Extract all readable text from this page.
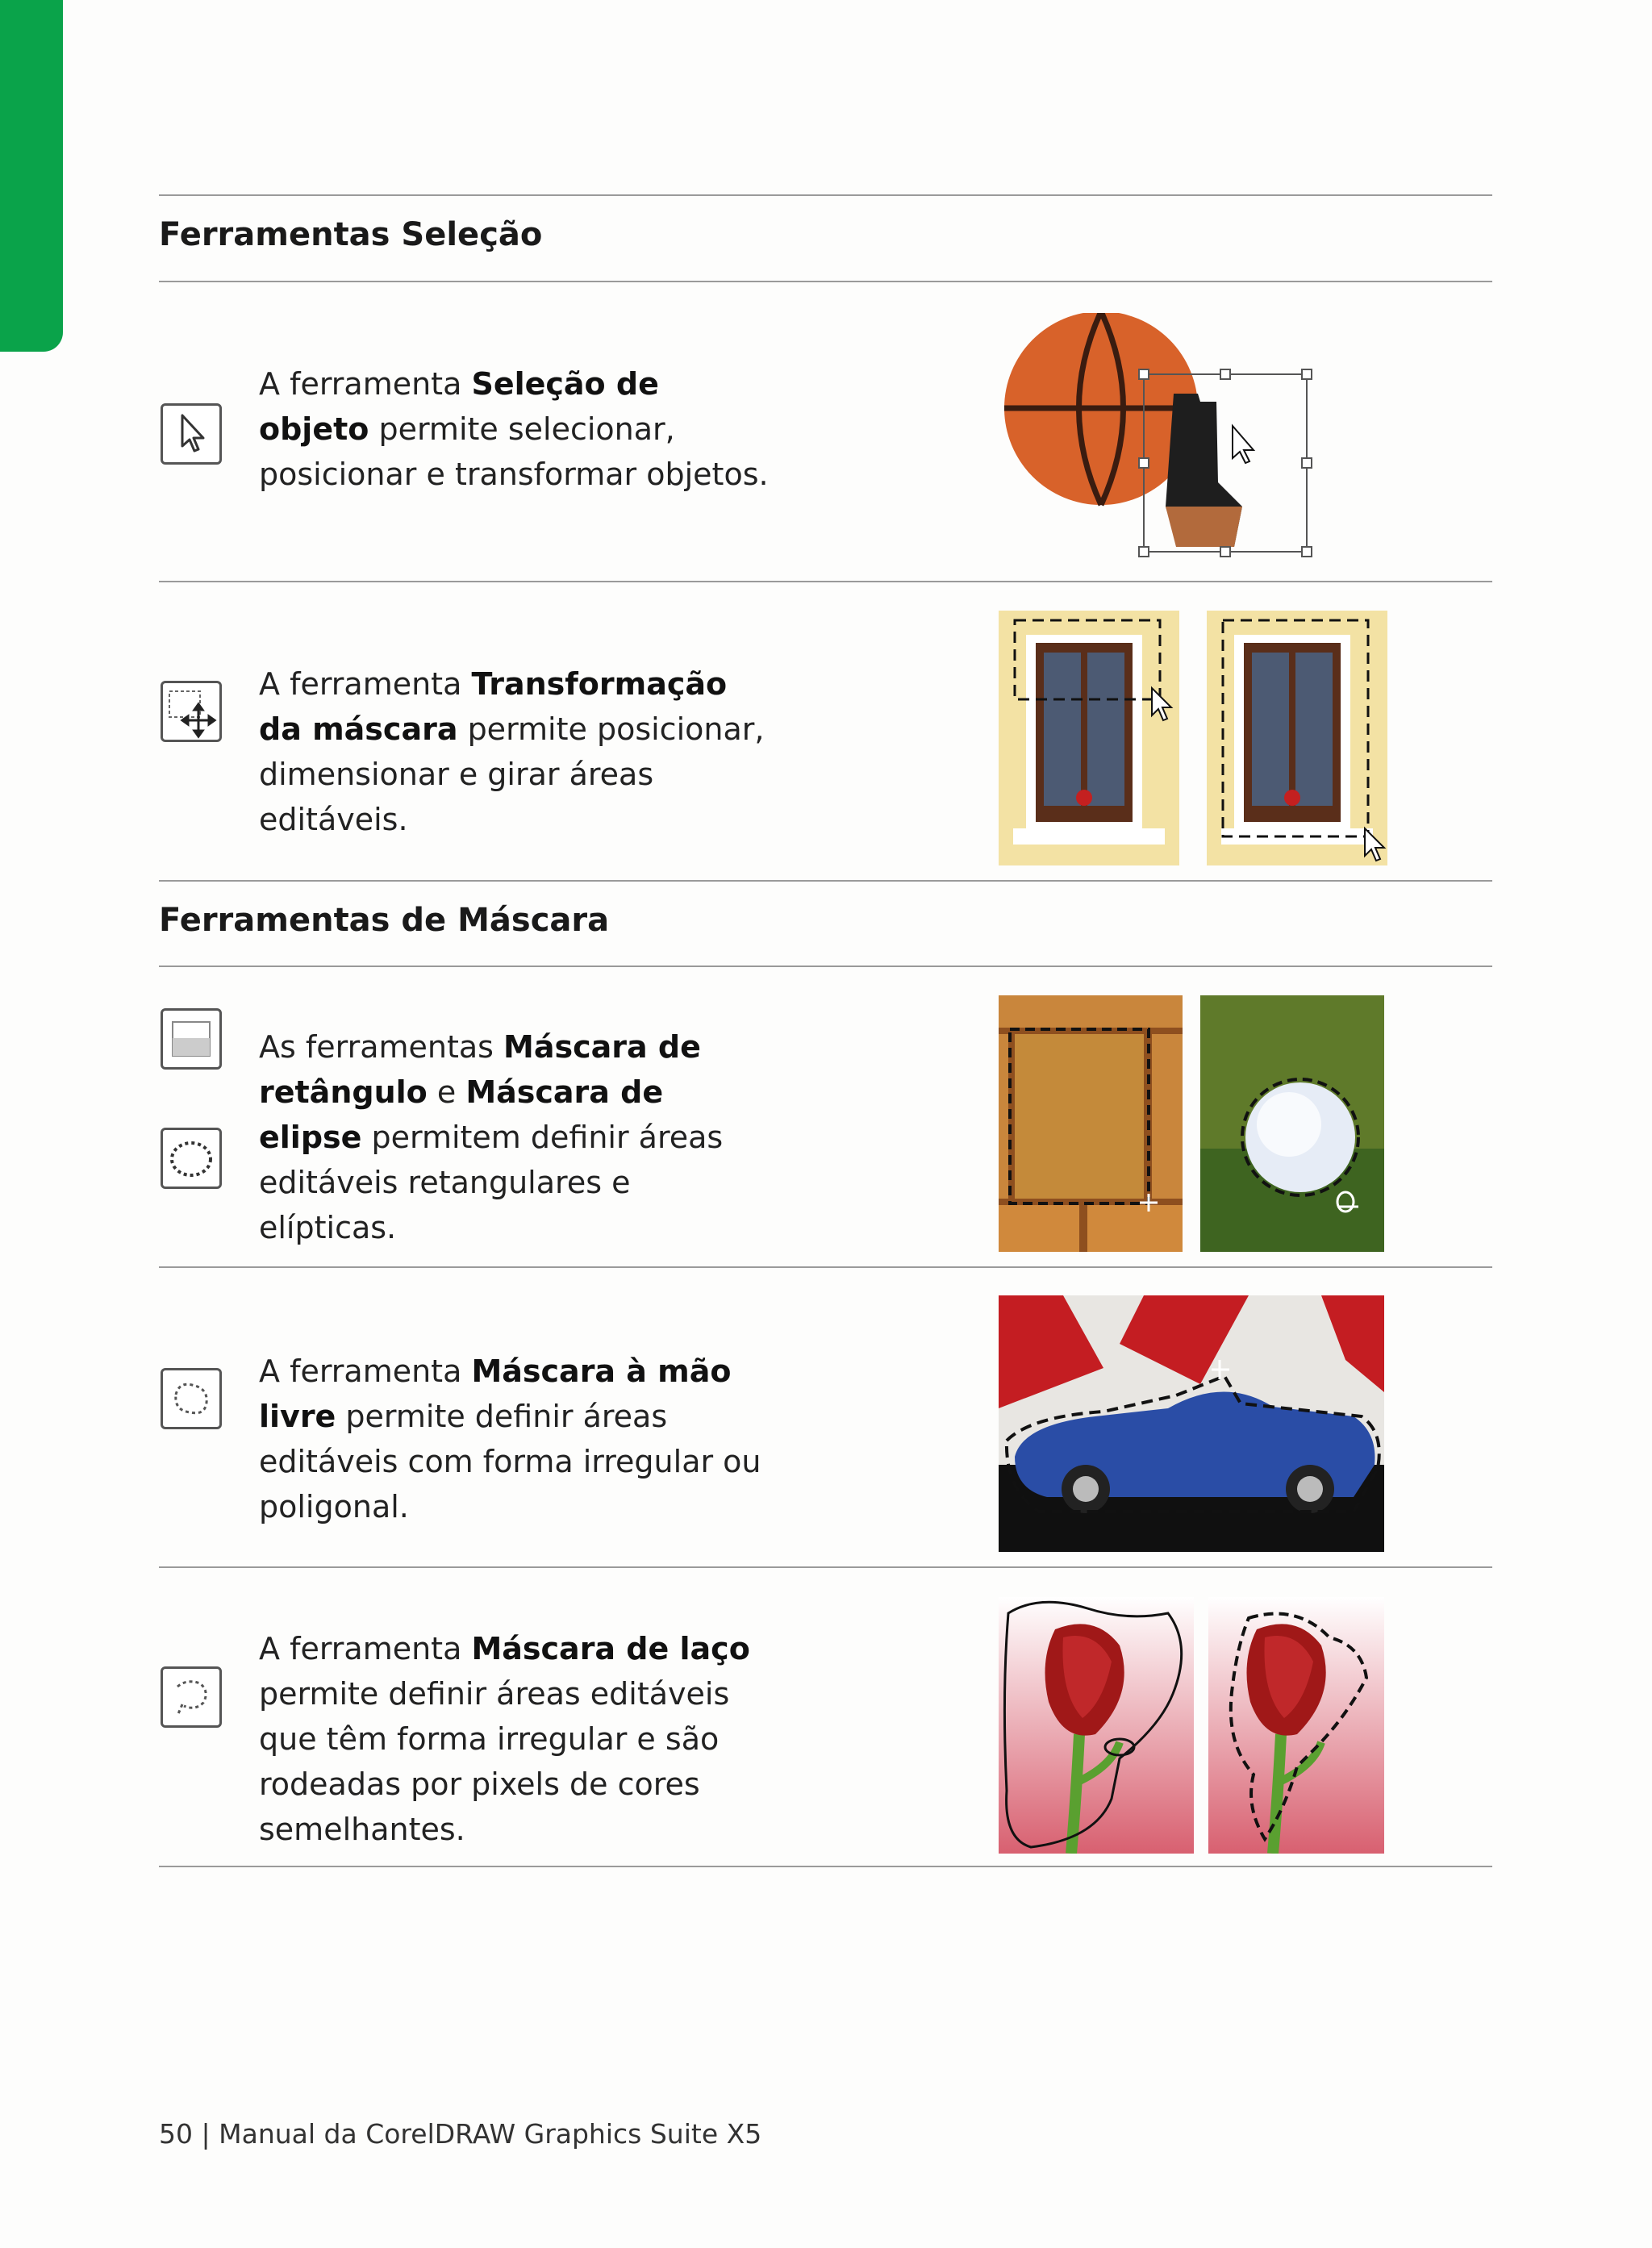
Ferramentas Seleção

A ferramenta Seleção de objeto permite selecionar, posicionar e transformar objetos.

A ferramenta Transformação da máscara permite posicionar, dimensionar e girar áreas editáveis.

Ferramentas de Máscara

As ferramentas Máscara de retângulo e Máscara de elipse permitem definir áreas editáveis retangulares e elípticas.

A ferramenta Máscara à mão livre permite definir áreas editáveis com forma irregular ou poligonal.

A ferramenta Máscara de laço permite definir áreas editáveis que têm forma irregular e são rodeadas por pixels de cores semelhantes.

50 | Manual da CorelDRAW Graphics Suite X5
